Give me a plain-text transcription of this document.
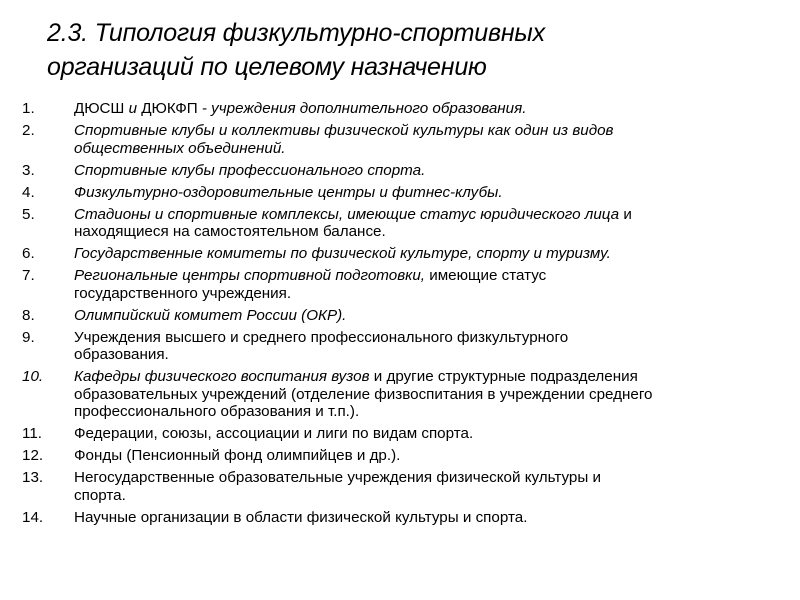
2.3. Типология физкультурно-спортивных
организаций по целевому назначению
1.	ДЮСШ и ДЮКФП - учреждения дополнительного образования.
2.	Спортивные клубы и коллективы физической культуры как один из видов
общественных объединений.
3.	Спортивные клубы профессионального спорта.
4.	Физкультурно-оздоровительные центры и фитнес-клубы.
5.	Стадионы и спортивные комплексы, имеющие статус юридического лица и
находящиеся на самостоятельном балансе.
6.	Государственные комитеты по физической культуре, спорту и туризму.
7.	Региональные центры спортивной подготовки, имеющие статус
государственного учреждения.
8.	Олимпийский комитет России (ОКР).
9.	Учреждения высшего и среднего профессионального физкультурного
образования.
10. Кафедры физического воспитания вузов и другие структурные подразделения
образовательных учреждений (отделение физвоспитания в учреждении среднего
профессионального образования и т.п.).
11. Федерации, союзы, ассоциации и лиги по видам спорта.
12. Фонды (Пенсионный фонд олимпийцев и др.).
13. Негосударственные образовательные учреждения физической культуры и
спорта.
14. Научные организации в области физической культуры и спорта.
